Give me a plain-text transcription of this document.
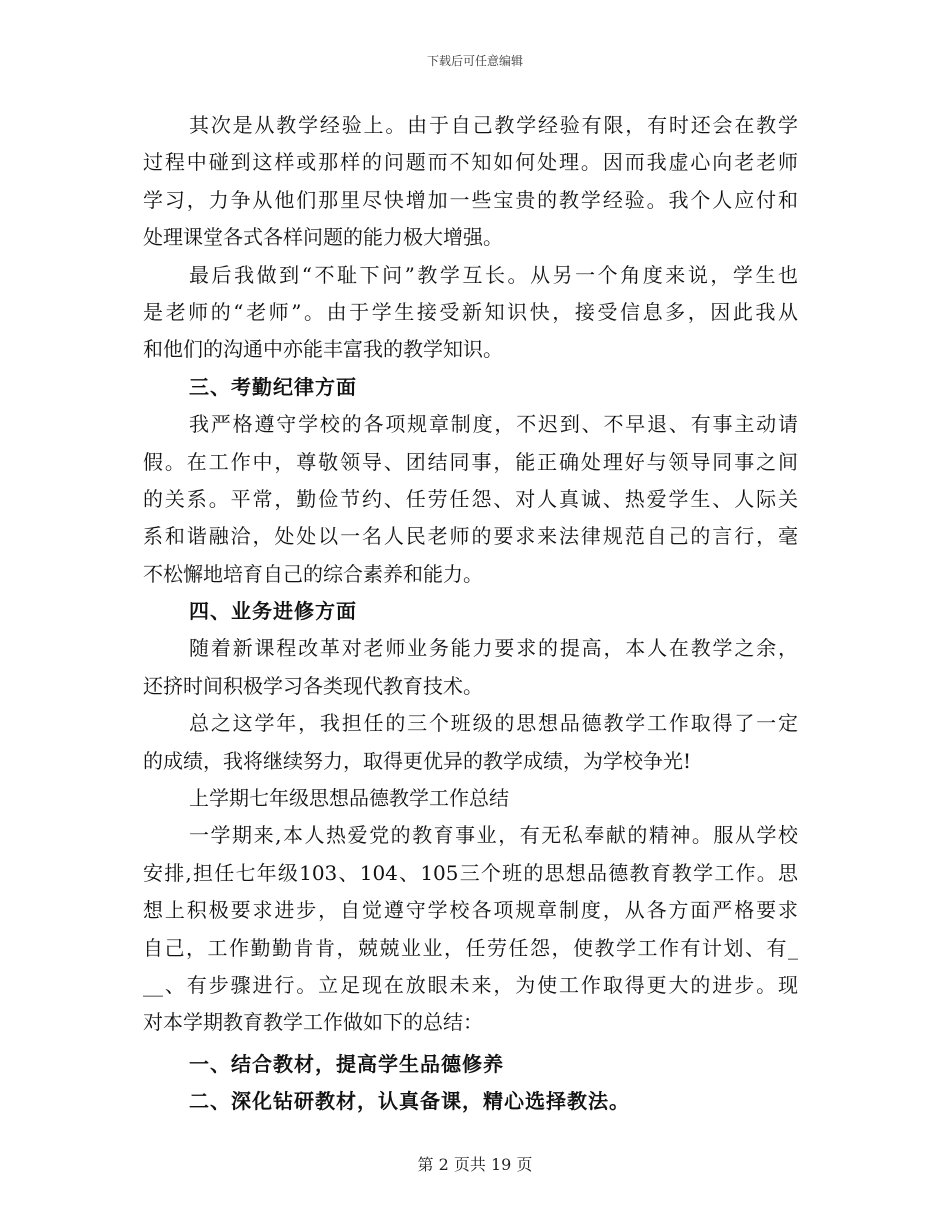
下载后可任意编辑
其次是从教学经验上。由于自己教学经验有限，有时还会在教学
过程中碰到这样或那样的问题而不知如何处理。因而我虚心向老老师
学习，力争从他们那里尽快增加一些宝贵的教学经验。我个人应付和
处理课堂各式各样问题的能力极大增强。
最后我做到“不耻下问”教学互长。从另一个角度来说，学生也
是老师的“老师”。由于学生接受新知识快，接受信息多，因此我从
和他们的沟通中亦能丰富我的教学知识。
三、考勤纪律方面
我严格遵守学校的各项规章制度，不迟到、不早退、有事主动请
假。在工作中，尊敬领导、团结同事，能正确处理好与领导同事之间
的关系。平常，勤俭节约、任劳任怨、对人真诚、热爱学生、人际关
系和谐融洽，处处以一名人民老师的要求来法律规范自己的言行，毫
不松懈地培育自己的综合素养和能力。
四、业务进修方面
随着新课程改革对老师业务能力要求的提高，本人在教学之余，
还挤时间积极学习各类现代教育技术。
总之这学年，我担任的三个班级的思想品德教学工作取得了一定
的成绩，我将继续努力，取得更优异的教学成绩，为学校争光!
上学期七年级思想品德教学工作总结
一学期来,本人热爱党的教育事业，有无私奉献的精神。服从学校
安排,担任七年级103、104、105三个班的思想品德教育教学工作。思
想上积极要求进步，自觉遵守学校各项规章制度，从各方面严格要求
自己，工作勤勤肯肯，兢兢业业，任劳任怨，使教学工作有计划、有_
__、有步骤进行。立足现在放眼未来，为使工作取得更大的进步。现
对本学期教育教学工作做如下的总结：
一、结合教材，提高学生品德修养
二、深化钻研教材，认真备课，精心选择教法。
第 2 页共 19 页
